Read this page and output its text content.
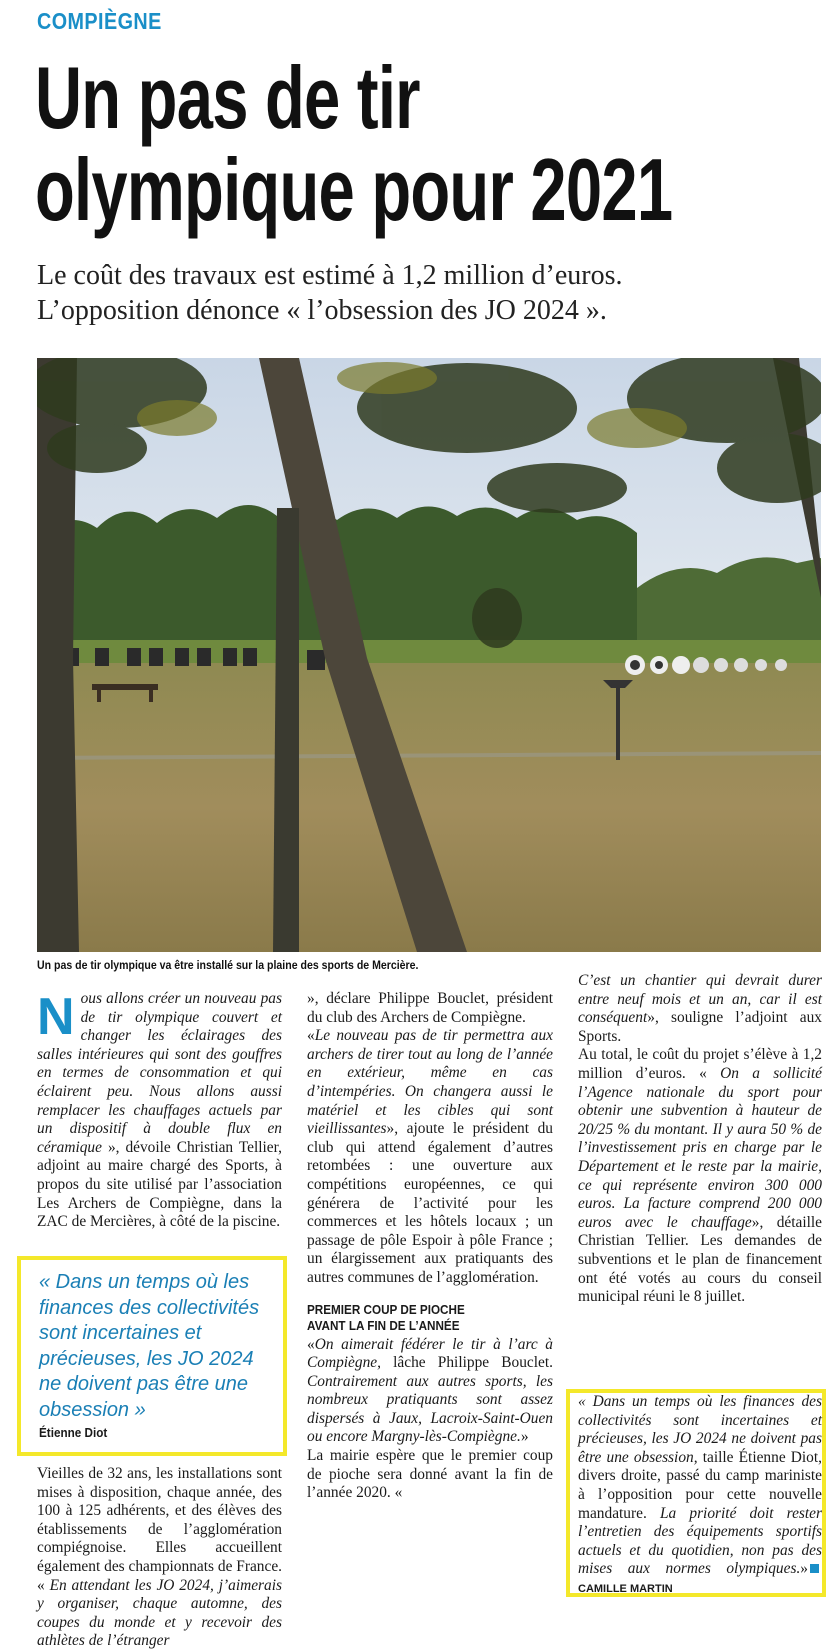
COMPIÈGNE
Un pas de tir
olympique pour 2021
Le coût des travaux est estimé à 1,2 million d’euros.
L’opposition dénonce « l’obsession des JO 2024 ».
Un pas de tir olympique va être installé sur la plaine des sports de Mercière.

Nous allons créer un nouveau pas de tir olympique couvert et changer les éclairages des salles intérieures qui sont des gouffres en termes de consommation et qui éclairent peu. Nous allons aussi remplacer les chauffages actuels par un dispositif à double flux en céramique », dévoile Christian Tellier, adjoint au maire chargé des Sports, à propos du site utilisé par l’association Les Archers de Compiègne, dans la ZAC de Mercières, à côté de la piscine.

« Dans un temps où les finances des collectivités sont incertaines et précieuses, les JO 2024 ne doivent pas être une obsession »
Étienne Diot

Vieilles de 32 ans, les installations sont mises à disposition, chaque année, des 100 à 125 adhérents, et des élèves des établissements de l’agglomération compiégnoise. Elles accueillent également des championnats de France. « En attendant les JO 2024, j’aimerais y organiser, chaque automne, des coupes du monde et y recevoir des athlètes de l’étranger

», déclare Philippe Bouclet, président du club des Archers de Compiègne.

«Le nouveau pas de tir permettra aux archers de tirer tout au long de l’année en extérieur, même en cas d’intempéries. On changera aussi le matériel et les cibles qui sont vieillissantes», ajoute le président du club qui attend également d’autres retombées : une ouverture aux compétitions européennes, ce qui générera de l’activité pour les commerces et les hôtels locaux ; un passage de pôle Espoir à pôle France ; un élargissement aux pratiquants des autres communes de l’agglomération.

PREMIER COUP DE PIOCHE
AVANT LA FIN DE L’ANNÉE

«On aimerait fédérer le tir à l’arc à Compiègne, lâche Philippe Bouclet. Contrairement aux autres sports, les nombreux pratiquants sont assez dispersés à Jaux, Lacroix-Saint-Ouen ou encore Margny-lès-Compiègne.»

La mairie espère que le premier coup de pioche sera donné avant la fin de l’année 2020. «

C’est un chantier qui devrait durer entre neuf mois et un an, car il est conséquent», souligne l’adjoint aux Sports.

Au total, le coût du projet s’élève à 1,2 million d’euros. « On a sollicité l’Agence nationale du sport pour obtenir une subvention à hauteur de 20/25 % du montant. Il y aura 50 % de l’investissement pris en charge par le Département et le reste par la mairie, ce qui représente environ 300 000 euros. La facture comprend 200 000 euros avec le chauffage», détaille Christian Tellier. Les demandes de subventions et le plan de financement ont été votés au cours du conseil municipal réuni le 8 juillet.

« Dans un temps où les finances des collectivités sont incertaines et précieuses, les JO 2024 ne doivent pas être une obsession, taille Étienne Diot, divers droite, passé du camp mariniste à l’opposition pour cette nouvelle mandature. La priorité doit rester l’entretien des équipements sportifs actuels et du quotidien, non pas des mises aux normes olympiques.»CAMILLE MARTIN
